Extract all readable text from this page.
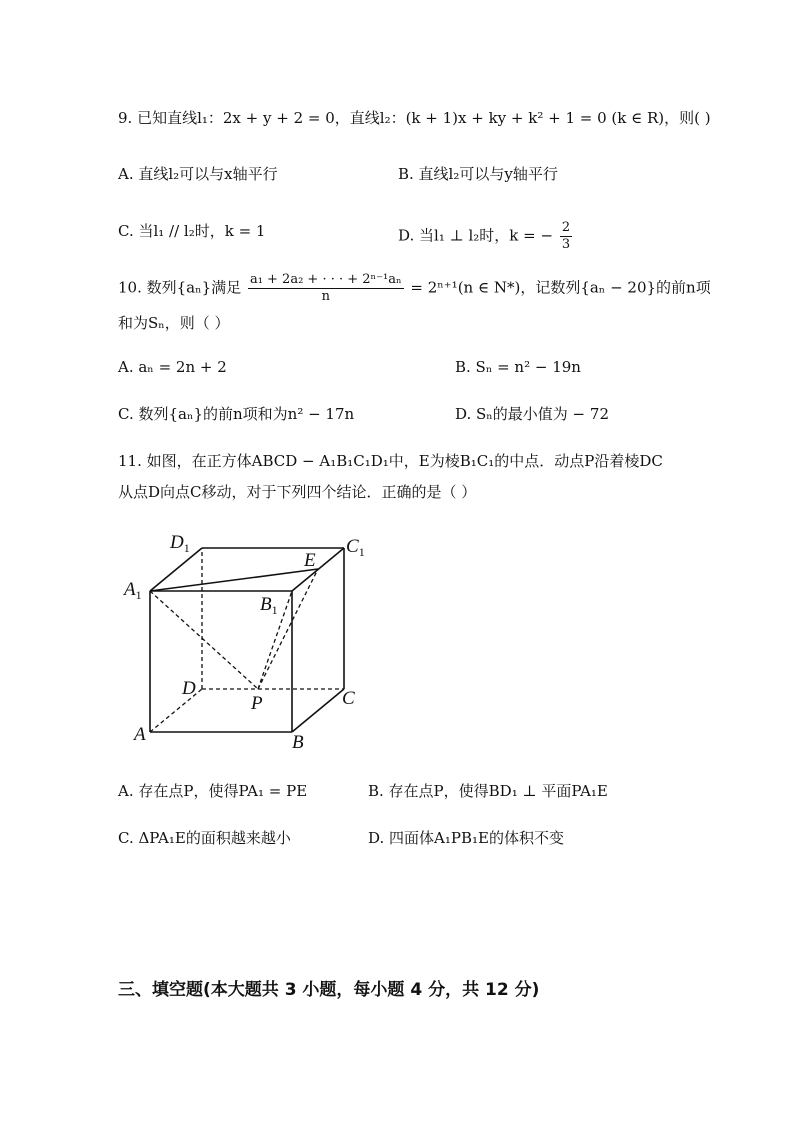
9. 已知直线l₁：2x + y + 2 = 0，直线l₂：(k + 1)x + ky + k² + 1 = 0 (k ∈ R)，则( )
A. 直线l₂可以与x轴平行	B. 直线l₂可以与y轴平行
C. 当l₁ // l₂时，k = 1	D. 当l₁ ⊥ l₂时，k = − $\frac{2}{3}$
10. 数列{aₙ}满足 $\frac{\text{a₁ + 2a₂ + · · · + 2ⁿ⁻¹aₙ}}{n} = 2^{n+1}(n$ ∈ N*)，记数列{aₙ − 20}的前n项
和为Sₙ，则（ ）
A. aₙ = 2n + 2	B. Sₙ = n² − 19n
C. 数列{aₙ}的前n项和为n² − 17n	D. Sₙ的最小值为 − 72
11. 如图，在正方体ABCD − A₁B₁C₁D₁中，E为棱B₁C₁的中点．动点P沿着棱DC
从点D向点C移动，对于下列四个结论．正确的是（ ）
$D_1$	$C_1$
$A_1$	$B_1$
E
D
P	C
A	B
A. 存在点P，使得PA₁ = PE	B. 存在点P，使得BD₁ ⊥ 平面PA₁E
C. ΔPA₁E的面积越来越小	D. 四面体A₁PB₁E的体积不变
三、填空题(本大题共 3 小题，每小题 4 分，共 12 分)
